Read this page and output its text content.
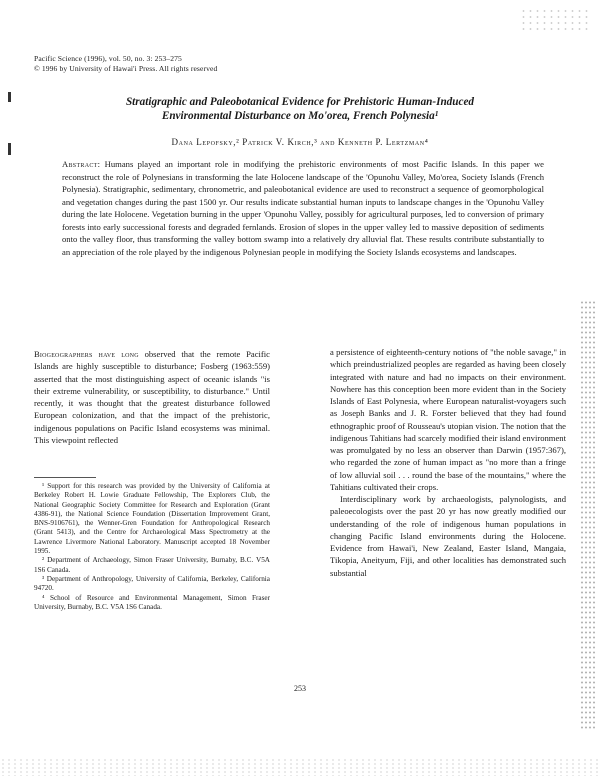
Pacific Science (1996), vol. 50, no. 3: 253–275
© 1996 by University of Hawai'i Press. All rights reserved
Stratigraphic and Paleobotanical Evidence for Prehistoric Human-Induced
Environmental Disturbance on Mo'orea, French Polynesia¹
Dana Lepofsky,² Patrick V. Kirch,³ and Kenneth P. Lertzman⁴
Abstract: Humans played an important role in modifying the prehistoric environments of most Pacific Islands. In this paper we reconstruct the role of Polynesians in transforming the late Holocene landscape of the 'Opunohu Valley, Mo'orea, Society Islands (French Polynesia). Stratigraphic, sedimentary, chronometric, and paleobotanical evidence are used to reconstruct a sequence of geomorphological and vegetation changes during the past 1500 yr. Our results indicate substantial human inputs to landscape changes in the 'Opunohu Valley during the late Holocene. Vegetation burning in the upper 'Opunohu Valley, possibly for agricultural purposes, led to conversion of primary forests into early successional forests and degraded fernlands. Erosion of slopes in the upper valley led to massive deposition of sediments onto the valley floor, thus transforming the valley bottom swamp into a relatively dry alluvial flat. These results contribute substantially to an appreciation of the role played by the indigenous Polynesian people in modifying the Society Islands ecosystems and landscapes.

Biogeographers have long observed that the remote Pacific Islands are highly susceptible to disturbance; Fosberg (1963:559) asserted that the most distinguishing aspect of oceanic islands "is their extreme vulnerability, or susceptibility, to disturbance." Until recently, it was thought that the greatest disturbance followed European colonization, and that the impact of the prehistoric, indigenous populations on Pacific Island ecosystems was minimal. This viewpoint reflected

¹ Support for this research was provided by the University of California at Berkeley Robert H. Lowie Graduate Fellowship, The Explorers Club, the National Geographic Society Committee for Research and Exploration (Grant 4386-91), the National Science Foundation (Dissertation Improvement Grant, BNS-9106761), the Wenner-Gren Foundation for Anthropological Research (Grant 5413), and the Centre for Archaeological Mass Spectrometry at the Lawrence Livermore National Laboratory. Manuscript accepted 18 November 1995.

² Department of Archaeology, Simon Fraser University, Burnaby, B.C. V5A 1S6 Canada.

³ Department of Anthropology, University of California, Berkeley, California 94720.

⁴ School of Resource and Environmental Management, Simon Fraser University, Burnaby, B.C. V5A 1S6 Canada.

a persistence of eighteenth-century notions of "the noble savage," in which preindustrialized peoples are regarded as having been closely integrated with nature and had no impacts on their environment. Nowhere has this conception been more evident than in the Society Islands of East Polynesia, where European naturalist-voyagers such as Joseph Banks and J. R. Forster believed that they had found ethnographic proof of Rousseau's utopian vision. The notion that the indigenous Tahitians had scarcely modified their island environment was promulgated by no less an observer than Darwin (1957:367), who regarded the zone of human impact as "no more than a fringe of low alluvial soil . . . round the base of the mountains," where the Tahitians cultivated their crops.

Interdisciplinary work by archaeologists, palynologists, and paleoecologists over the past 20 yr has now greatly modified our understanding of the role of indigenous human populations in changing Pacific Island environments during the Holocene. Evidence from Hawai'i, New Zealand, Easter Island, Mangaia, Tikopia, Aneityum, Fiji, and other localities has demonstrated such substantial

253
